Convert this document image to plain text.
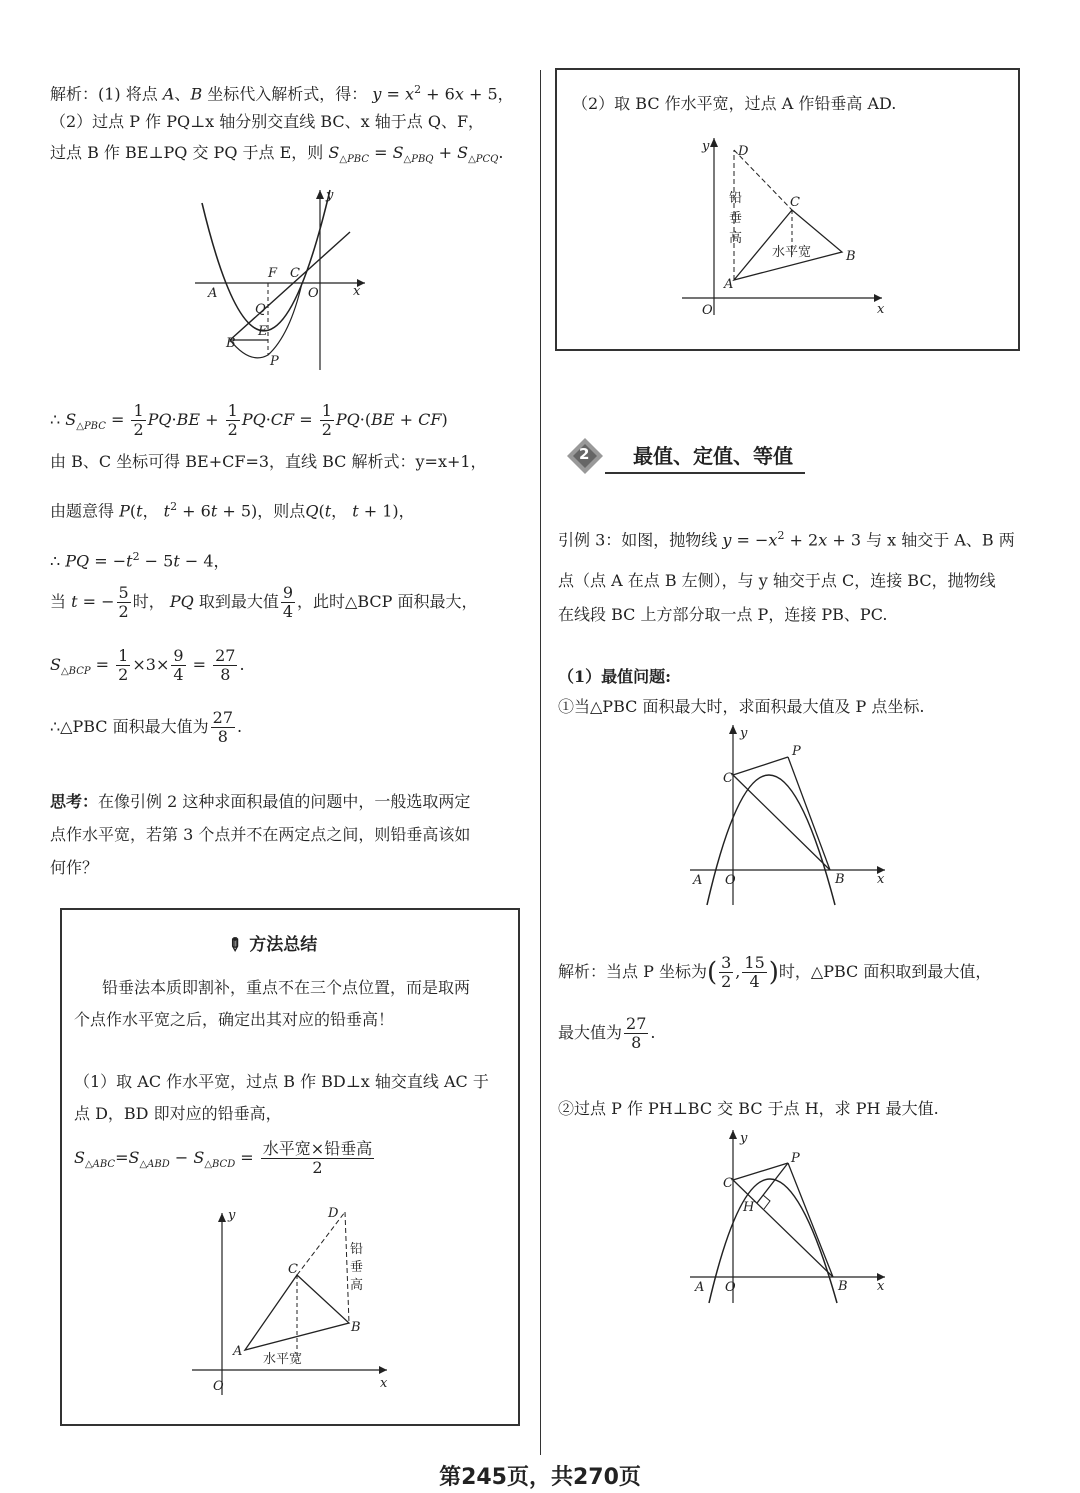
解析：(1) 将点 A、B 坐标代入解析式，得： $y = x^2 + 6x + 5$，
（2）过点 P 作 PQ⊥x 轴分别交直线 BC、x 轴于点 Q、F，
过点 B 作 BE⊥PQ 交 PQ 于点 E，则 $S_{\triangle PBC} = S_{\triangle PBQ} + S_{\triangle PCQ}$.
y
x
A
F C
O
Q
E
B
P
∴ $S_{\triangle PBC} = \frac{1}{2} PQ\cdot BE + \frac{1}{2} PQ\cdot CF = \frac{1}{2} PQ\cdot(BE + CF)$
由 B、C 坐标可得 BE+CF=3，直线 BC 解析式：y=x+1，
由题意得 P(t， $t^2 + 6t + 5$)，则点Q(t， t + 1)，
∴ PQ = $-t^2 - 5t - 4$，
当 t = − $\frac{5}{2}$ 时， PQ 取到最大值 $\frac{9}{4}$ ，此时△BCP 面积最大，
$S_{\triangle BCP} = \frac{1}{2} \times 3\times \frac{9}{4} = \frac{27}{8}$ .
∴△PBC 面积最大值为 $\frac{27}{8}$ .
思考：在像引例 2 这种求面积最值的问题中，一般选取两定
点作水平宽，若第 3 个点并不在两定点之间，则铅垂高该如
何作？
✎ 方法总结
铅垂法本质即割补，重点不在三个点位置，而是取两
个点作水平宽之后，确定出其对应的铅垂高！
（1）取 AC 作水平宽，过点 B 作 BD⊥x 轴交直线 AC 于
点 D，BD 即对应的铅垂高，
$S_{\triangle ABC}=S_{\triangle ABD} - S_{\triangle BCD} = \frac{\text{水平宽×铅垂高}}{2}$
y
x
O
A
C
B
D
水平宽
铅
垂
高
（2）取 BC 作水平宽，过点 A 作铅垂高 AD.
y
x
O
A
C
B
D
铅
垂
高
水平宽
2 最值、定值、等值
引例 3：如图，抛物线 $y = -x^2 + 2x + 3$ 与 x 轴交于 A、B 两
点（点 A 在点 B 左侧），与 y 轴交于点 C，连接 BC，抛物线
在线段 BC 上方部分取一点 P，连接 PB、PC.
（1）最值问题:
①当△PBC 面积最大时，求面积最大值及 P 点坐标.
y
x
A O	B
C
P
解析：当点 P 坐标为( $\frac{3}{2}$ , $\frac{15}{4}$ )时，△PBC 面积取到最大值，
最大值为 $\frac{27}{8}$ .
②过点 P 作 PH⊥BC 交 BC 于点 H，求 PH 最大值.
y
x
A O	B
C
P
H
第245页，共270页
